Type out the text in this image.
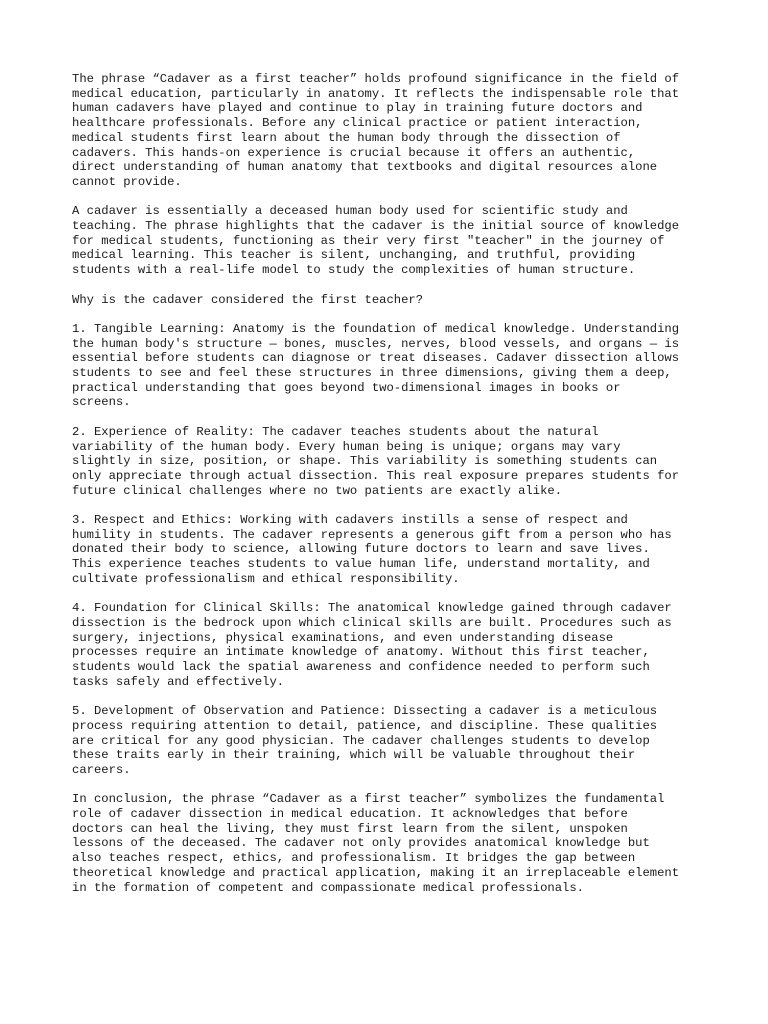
The phrase “Cadaver as a first teacher” holds profound significance in the field of
medical education, particularly in anatomy. It reflects the indispensable role that
human cadavers have played and continue to play in training future doctors and
healthcare professionals. Before any clinical practice or patient interaction,
medical students first learn about the human body through the dissection of
cadavers. This hands-on experience is crucial because it offers an authentic,
direct understanding of human anatomy that textbooks and digital resources alone
cannot provide.

A cadaver is essentially a deceased human body used for scientific study and
teaching. The phrase highlights that the cadaver is the initial source of knowledge
for medical students, functioning as their very first "teacher" in the journey of
medical learning. This teacher is silent, unchanging, and truthful, providing
students with a real-life model to study the complexities of human structure.

Why is the cadaver considered the first teacher?

1. Tangible Learning: Anatomy is the foundation of medical knowledge. Understanding
the human body's structure — bones, muscles, nerves, blood vessels, and organs — is
essential before students can diagnose or treat diseases. Cadaver dissection allows
students to see and feel these structures in three dimensions, giving them a deep,
practical understanding that goes beyond two-dimensional images in books or
screens.

2. Experience of Reality: The cadaver teaches students about the natural
variability of the human body. Every human being is unique; organs may vary
slightly in size, position, or shape. This variability is something students can
only appreciate through actual dissection. This real exposure prepares students for
future clinical challenges where no two patients are exactly alike.

3. Respect and Ethics: Working with cadavers instills a sense of respect and
humility in students. The cadaver represents a generous gift from a person who has
donated their body to science, allowing future doctors to learn and save lives.
This experience teaches students to value human life, understand mortality, and
cultivate professionalism and ethical responsibility.

4. Foundation for Clinical Skills: The anatomical knowledge gained through cadaver
dissection is the bedrock upon which clinical skills are built. Procedures such as
surgery, injections, physical examinations, and even understanding disease
processes require an intimate knowledge of anatomy. Without this first teacher,
students would lack the spatial awareness and confidence needed to perform such
tasks safely and effectively.

5. Development of Observation and Patience: Dissecting a cadaver is a meticulous
process requiring attention to detail, patience, and discipline. These qualities
are critical for any good physician. The cadaver challenges students to develop
these traits early in their training, which will be valuable throughout their
careers.

In conclusion, the phrase “Cadaver as a first teacher” symbolizes the fundamental
role of cadaver dissection in medical education. It acknowledges that before
doctors can heal the living, they must first learn from the silent, unspoken
lessons of the deceased. The cadaver not only provides anatomical knowledge but
also teaches respect, ethics, and professionalism. It bridges the gap between
theoretical knowledge and practical application, making it an irreplaceable element
in the formation of competent and compassionate medical professionals.
